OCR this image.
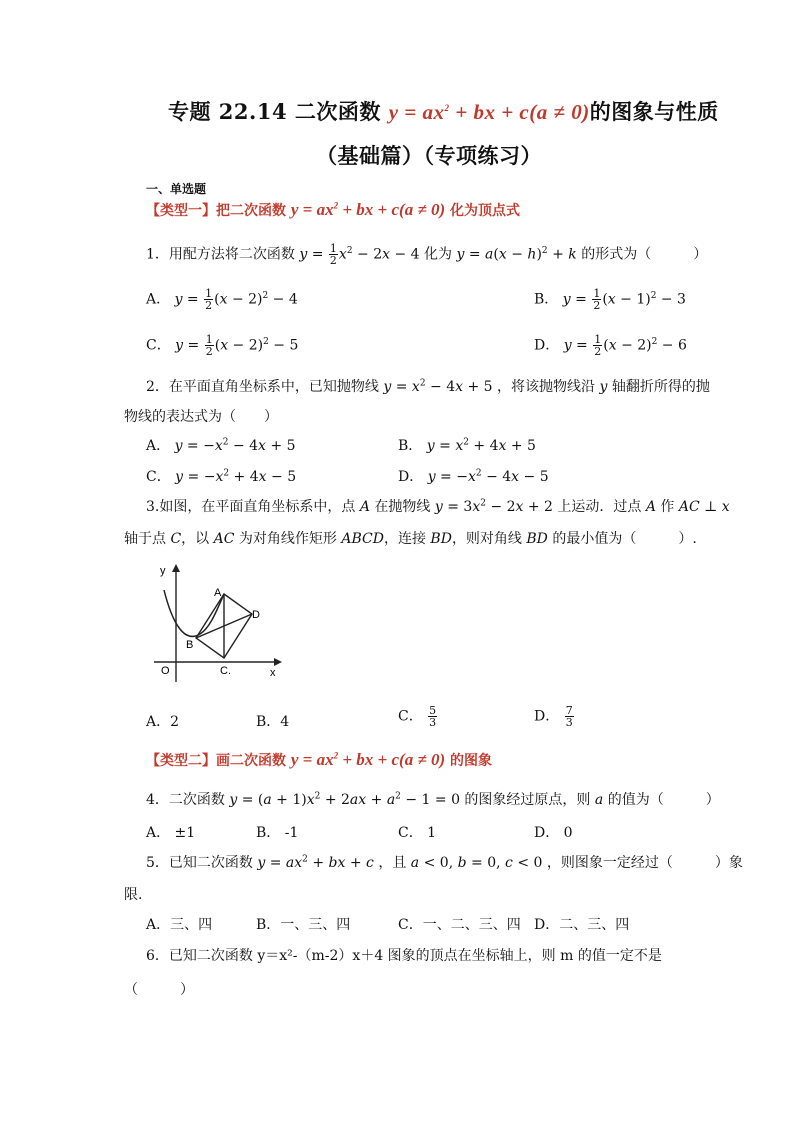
专题 22.14 二次函数 $y = ax^2$ + bx + c(a ≠ 0)的图象与性质
（基础篇）（专项练习）
一、单选题
【类型一】把二次函数 $y = ax^2$ + bx + c(a ≠ 0) 化为顶点式
1．用配方法将二次函数 $y = \frac{1}{2} x^2 - 2x - 4$ 化为 $y = a(x - h)^2 + k$ 的形式为（　　　）
A． $y = \frac{1}{2} (x - 2)^2 - 4$	B． $y = \frac{1}{2} (x - 1)^2 - 3$
C． $y = \frac{1}{2} (x - 2)^2 - 5$	D． $y = \frac{1}{2} (x - 2)^2 - 6$
2．在平面直角坐标系中，已知抛物线 $y = x^2 - 4x + 5$ ，将该抛物线沿 y 轴翻折所得的抛
物线的表达式为（　　）
A． $y = -x^2 - 4x + 5$	B． $y = x^2 + 4x + 5$
C． $y = -x^2 + 4x - 5$	D． $y = -x^2 - 4x - 5$
3.如图，在平面直角坐标系中，点 A 在抛物线 $y = 3x^2 - 2x + 2$ 上运动．过点 A 作 AC ⊥ x
轴于点 C，以 AC 为对角线作矩形 ABCD，连接 BD，则对角线 BD 的最小值为（　　　）.
y
x
O
A
B
C.
D
A．2	B．4	C． $\frac{5}{3}$	D． $\frac{7}{3}$
【类型二】画二次函数 $y = ax^2$ + bx + c(a ≠ 0) 的图象
4．二次函数 $y = (a + 1)x^2 + 2ax + a^2 - 1 = 0$ 的图象经过原点，则 a 的值为（　　　）
A． ±1	B． -1	C． 1	D． 0
5．已知二次函数 $y = ax^2$ + bx + c ，且 a < 0, b = 0, c < 0 ，则图象一定经过（　　　）象
限.
A．三、四	B．一、三、四	C．一、二、三、四 D．二、三、四
6．已知二次函数 y＝x²-（m-2）x＋4 图象的顶点在坐标轴上，则 m 的值一定不是
（　　　）
